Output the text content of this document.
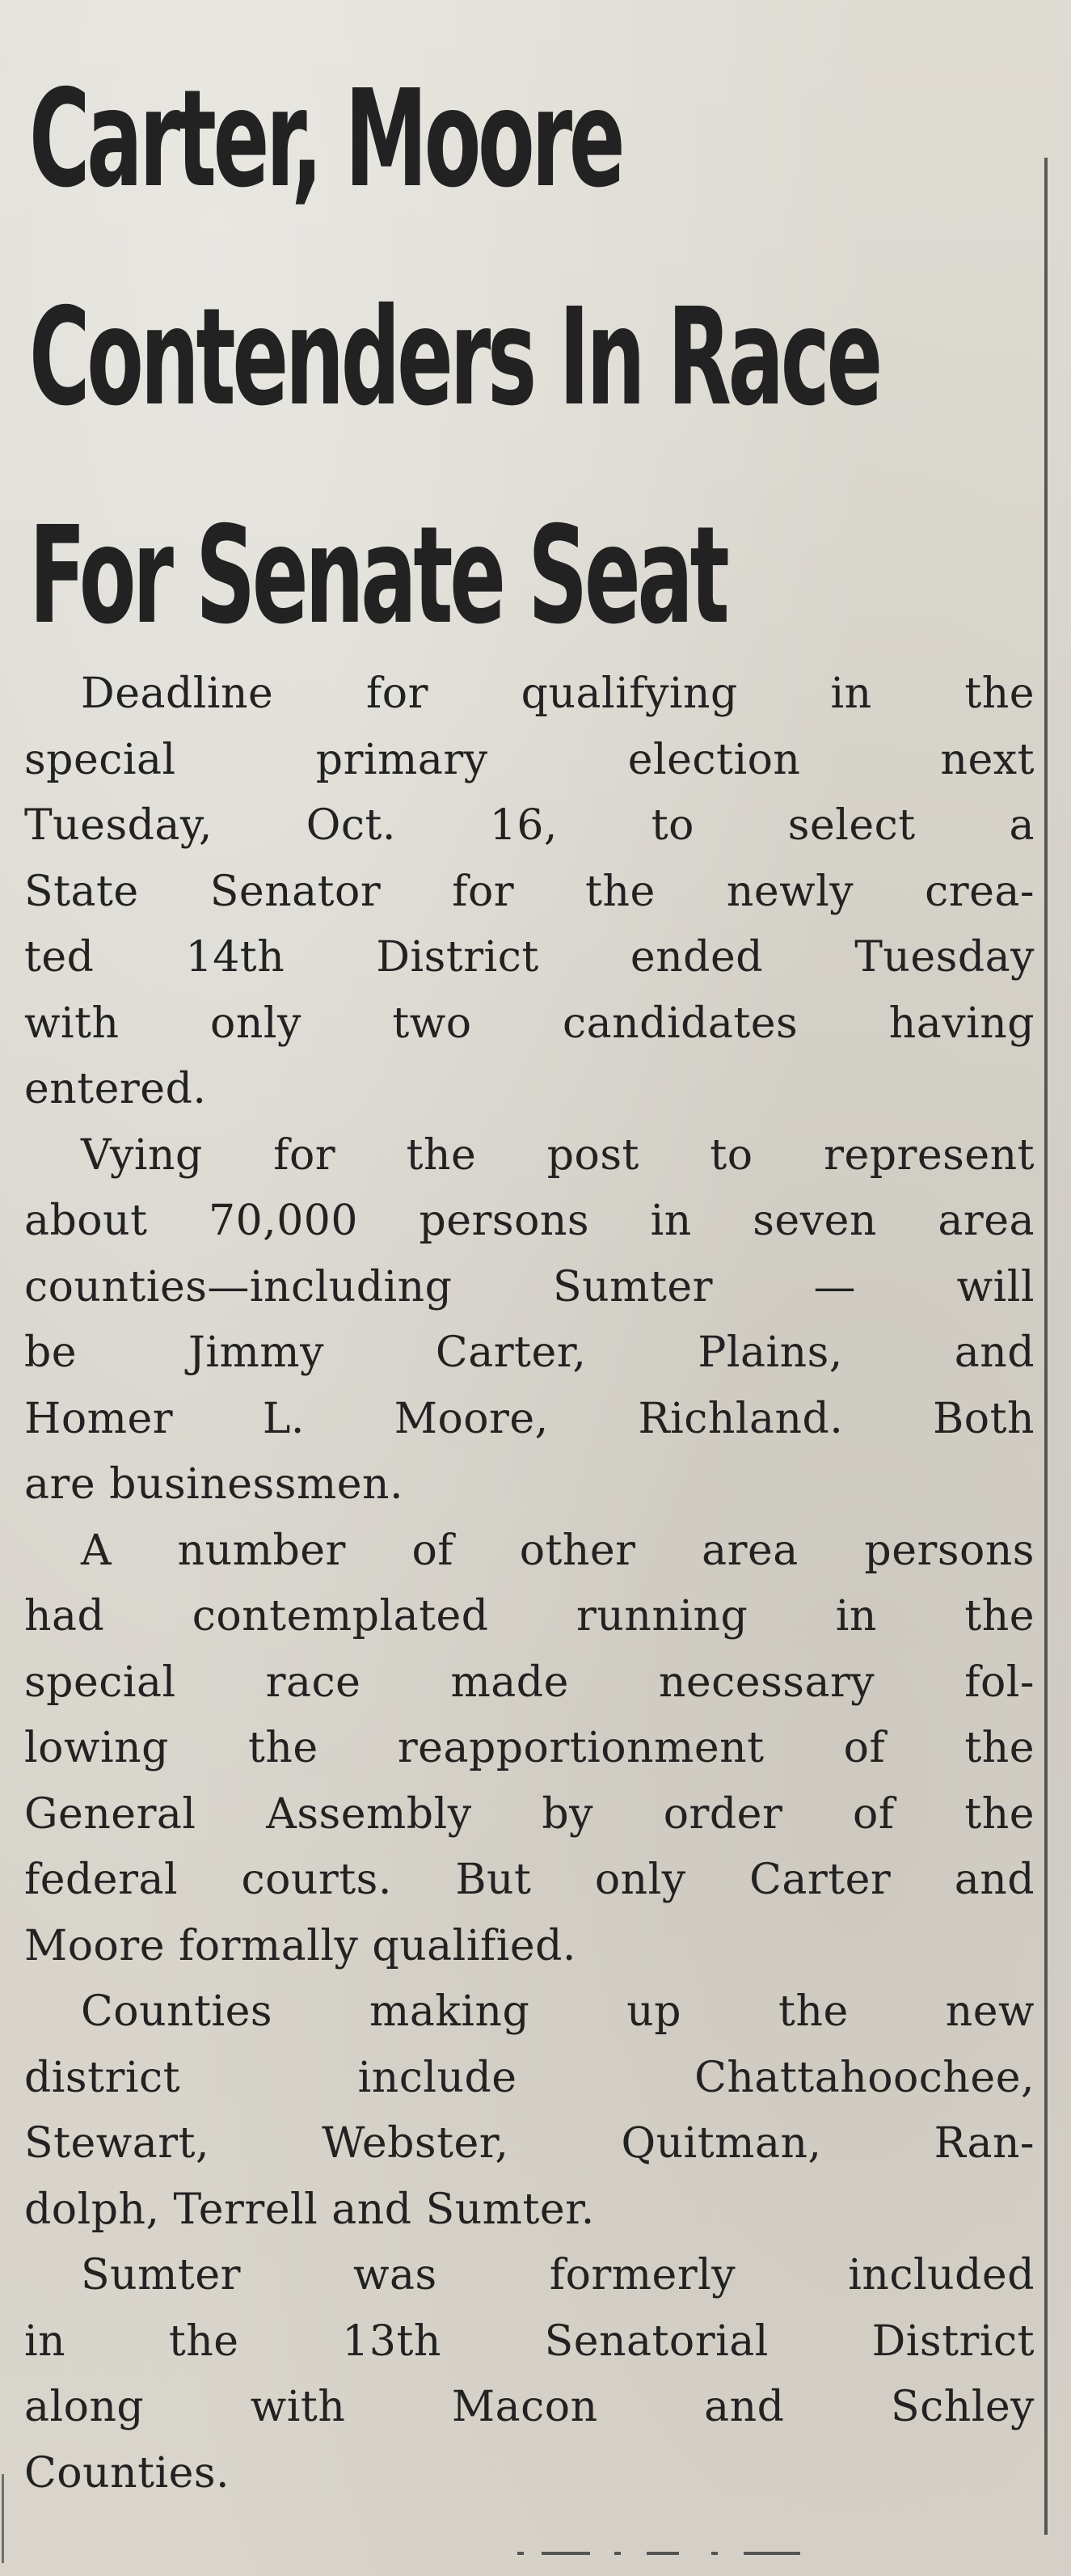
Carter, Moore
Contenders In Race
For Senate Seat
Deadline for qualifying in the
special primary election next
Tuesday, Oct. 16, to select a
State Senator for the newly crea-
ted 14th District ended Tuesday
with only two candidates having
entered.
Vying for the post to represent
about 70,000 persons in seven area
counties—including Sumter — will
be Jimmy Carter, Plains, and
Homer L. Moore, Richland. Both
are businessmen.
A number of other area persons
had contemplated running in the
special race made necessary fol-
lowing the reapportionment of the
General Assembly by order of the
federal courts. But only Carter and
Moore formally qualified.
Counties making up the new
district include Chattahoochee,
Stewart, Webster, Quitman, Ran-
dolph, Terrell and Sumter.
Sumter was formerly included
in the 13th Senatorial District
along with Macon and Schley
Counties.
